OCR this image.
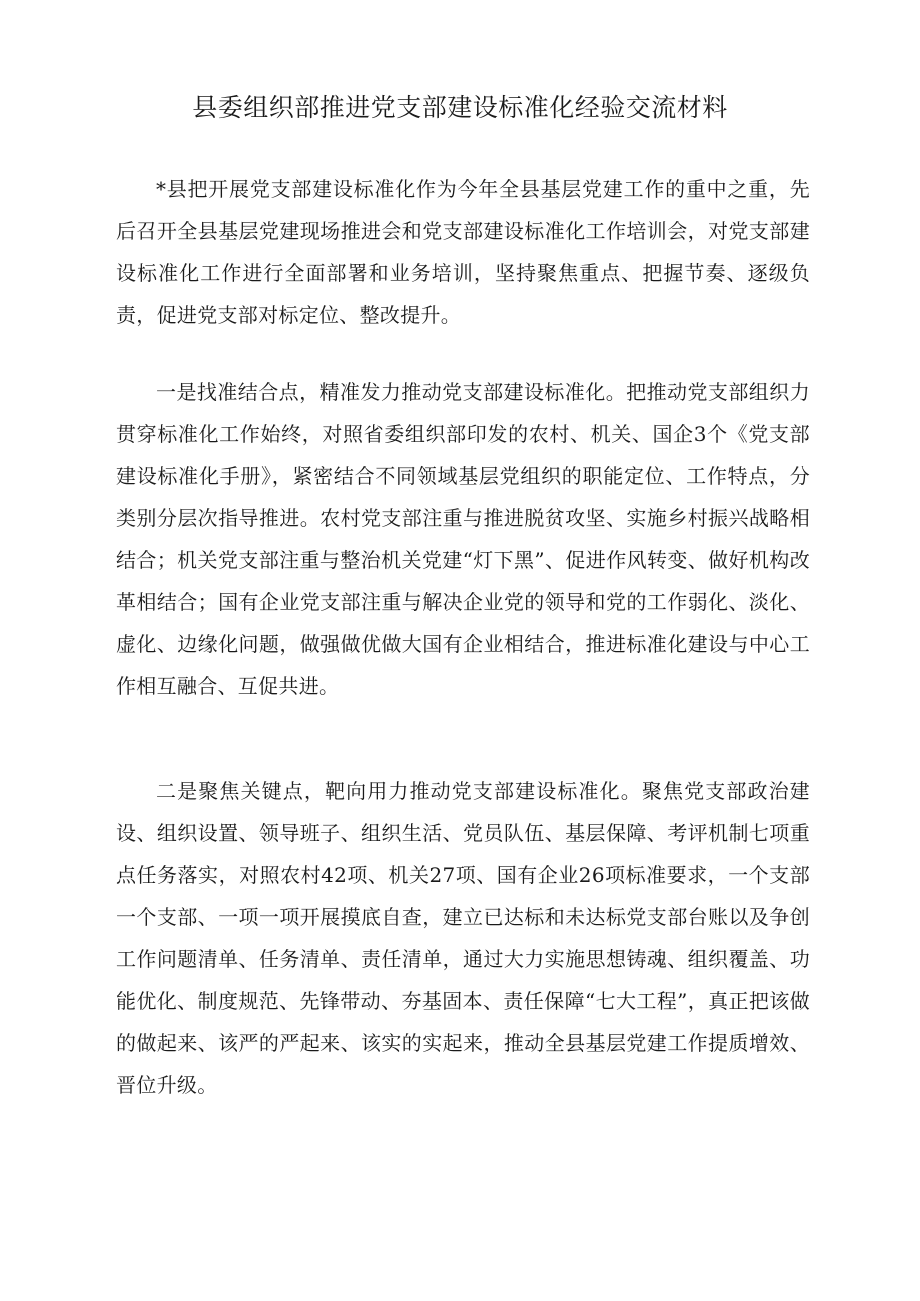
县委组织部推进党支部建设标准化经验交流材料

*县把开展党支部建设标准化作为今年全县基层党建工作的重中之重，先后召开全县基层党建现场推进会和党支部建设标准化工作培训会，对党支部建设标准化工作进行全面部署和业务培训，坚持聚焦重点、把握节奏、逐级负责，促进党支部对标定位、整改提升。

一是找准结合点，精准发力推动党支部建设标准化。把推动党支部组织力贯穿标准化工作始终，对照省委组织部印发的农村、机关、国企3个《党支部建设标准化手册》，紧密结合不同领域基层党组织的职能定位、工作特点，分类别分层次指导推进。农村党支部注重与推进脱贫攻坚、实施乡村振兴战略相结合；机关党支部注重与整治机关党建“灯下黑”、促进作风转变、做好机构改革相结合；国有企业党支部注重与解决企业党的领导和党的工作弱化、淡化、虚化、边缘化问题，做强做优做大国有企业相结合，推进标准化建设与中心工作相互融合、互促共进。

二是聚焦关键点，靶向用力推动党支部建设标准化。聚焦党支部政治建设、组织设置、领导班子、组织生活、党员队伍、基层保障、考评机制七项重点任务落实，对照农村42项、机关27项、国有企业26项标准要求，一个支部一个支部、一项一项开展摸底自查，建立已达标和未达标党支部台账以及争创工作问题清单、任务清单、责任清单，通过大力实施思想铸魂、组织覆盖、功能优化、制度规范、先锋带动、夯基固本、责任保障“七大工程”，真正把该做的做起来、该严的严起来、该实的实起来，推动全县基层党建工作提质增效、晋位升级。
